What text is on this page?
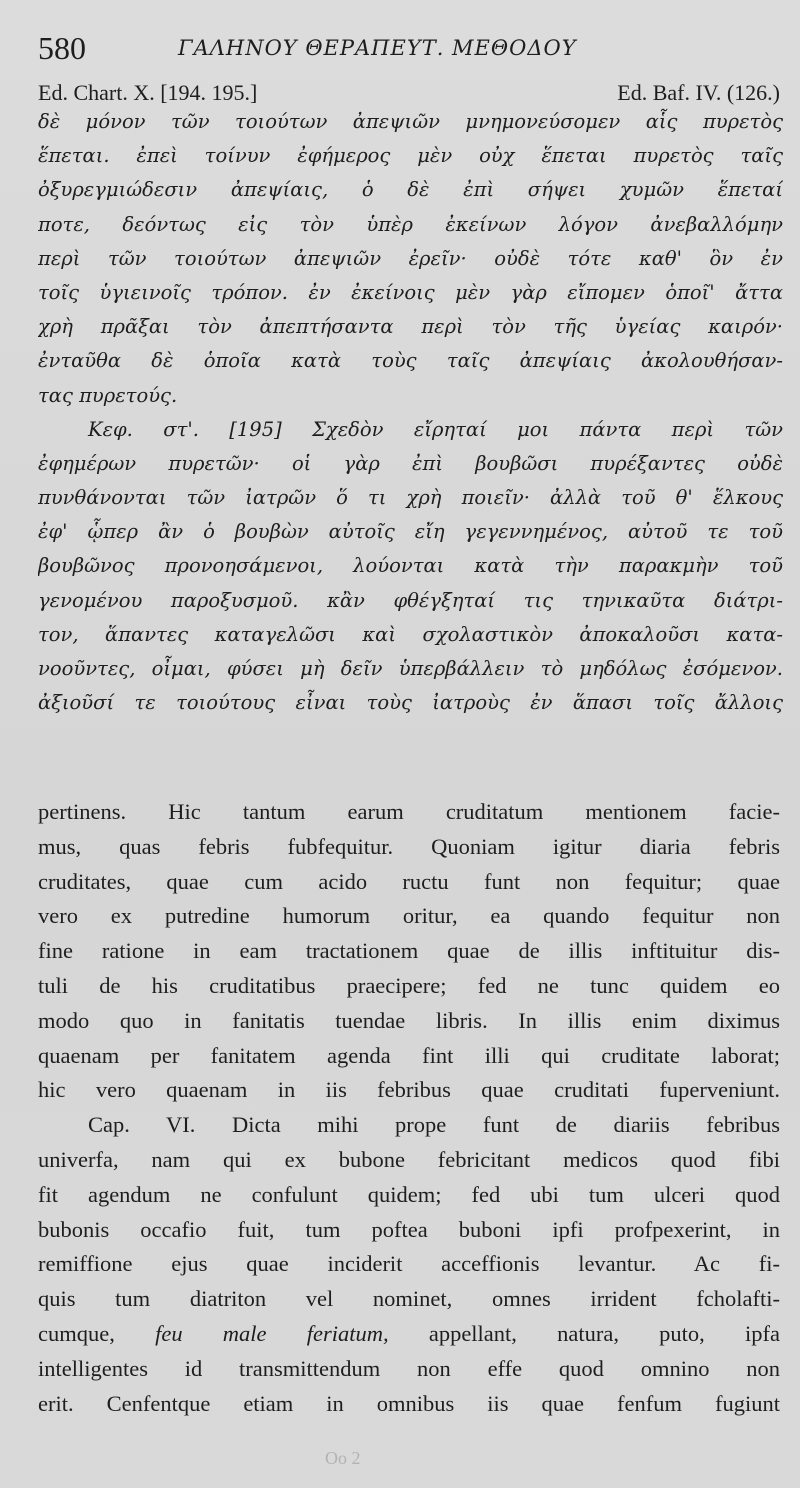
580	ΓΑΛΗΝΟΥ ΘΕΡΑΠΕΥΤ. ΜΕΘΟΔΟΥ
Ed. Chart. X. [194. 195.]	Ed. Baf. IV. (126.)
δὲ μόνον τῶν τοιούτων ἀπεψιῶν μνημονεύσομεν αἷς πυρετὸς
ἕπεται. ἐπεὶ τοίνυν ἐφήμερος μὲν οὐχ ἕπεται πυρετὸς ταῖς
ὀξυρεγμιώδεσιν ἀπεψίαις, ὁ δὲ ἐπὶ σήψει χυμῶν ἕπεταί
ποτε, δεόντως εἰς τὸν ὑπὲρ ἐκείνων λόγον ἀνεβαλλόμην
περὶ τῶν τοιούτων ἀπεψιῶν ἐρεῖν· οὐδὲ τότε καθ' ὃν ἐν
τοῖς ὑγιεινοῖς τρόπον. ἐν ἐκείνοις μὲν γὰρ εἴπομεν ὁποῖ' ἄττα
χρὴ πρᾶξαι τὸν ἀπεπτήσαντα περὶ τὸν τῆς ὑγείας καιρόν·
ἐνταῦθα δὲ ὁποῖα κατὰ τοὺς ταῖς ἀπεψίαις ἀκολουθήσαν-
τας πυρετούς.
Κεφ. στ'. [195] Σχεδὸν εἴρηταί μοι πάντα περὶ τῶν
ἐφημέρων πυρετῶν· οἱ γὰρ ἐπὶ βουβῶσι πυρέξαντες οὐδὲ
πυνθάνονται τῶν ἰατρῶν ὅ τι χρὴ ποιεῖν· ἀλλὰ τοῦ θ' ἕλκους
ἐφ' ᾧπερ ἂν ὁ βουβὼν αὐτοῖς εἴη γεγεννημένος, αὐτοῦ τε τοῦ
βουβῶνος προνοησάμενοι, λούονται κατὰ τὴν παρακμὴν τοῦ
γενομένου παροξυσμοῦ. κἂν φθέγξηταί τις τηνικαῦτα διάτρι-
τον, ἅπαντες καταγελῶσι καὶ σχολαστικὸν ἀποκαλοῦσι κατα-
νοοῦντες, οἶμαι, φύσει μὴ δεῖν ὑπερβάλλειν τὸ μηδόλως ἐσόμενον.
ἀξιοῦσί τε τοιούτους εἶναι τοὺς ἰατροὺς ἐν ἅπασι τοῖς ἄλλοις
pertinens. Hic tantum earum cruditatum mentionem facie-
mus, quas febris fubfequitur. Quoniam igitur diaria febris
cruditates, quae cum acido ructu funt non fequitur; quae
vero ex putredine humorum oritur, ea quando fequitur non
fine ratione in eam tractationem quae de illis inftituitur dis-
tuli de his cruditatibus praecipere; fed ne tunc quidem eo
modo quo in fanitatis tuendae libris. In illis enim diximus
quaenam per fanitatem agenda fint illi qui cruditate laborat;
hic vero quaenam in iis febribus quae cruditati fuperveniunt.
Cap. VI. Dicta mihi prope funt de diariis febribus
univerfa, nam qui ex bubone febricitant medicos quod fibi
fit agendum ne confulunt quidem; fed ubi tum ulceri quod
bubonis occafio fuit, tum poftea buboni ipfi profpexerint, in
remiffione ejus quae inciderit acceffionis levantur. Ac fi-
quis tum diatriton vel nominet, omnes irrident fcholafti-
cumque, feu male feriatum, appellant, natura, puto, ipfa
intelligentes id transmittendum non effe quod omnino non
erit. Cenfentque etiam in omnibus iis quae fenfum fugiunt
Oo 2
